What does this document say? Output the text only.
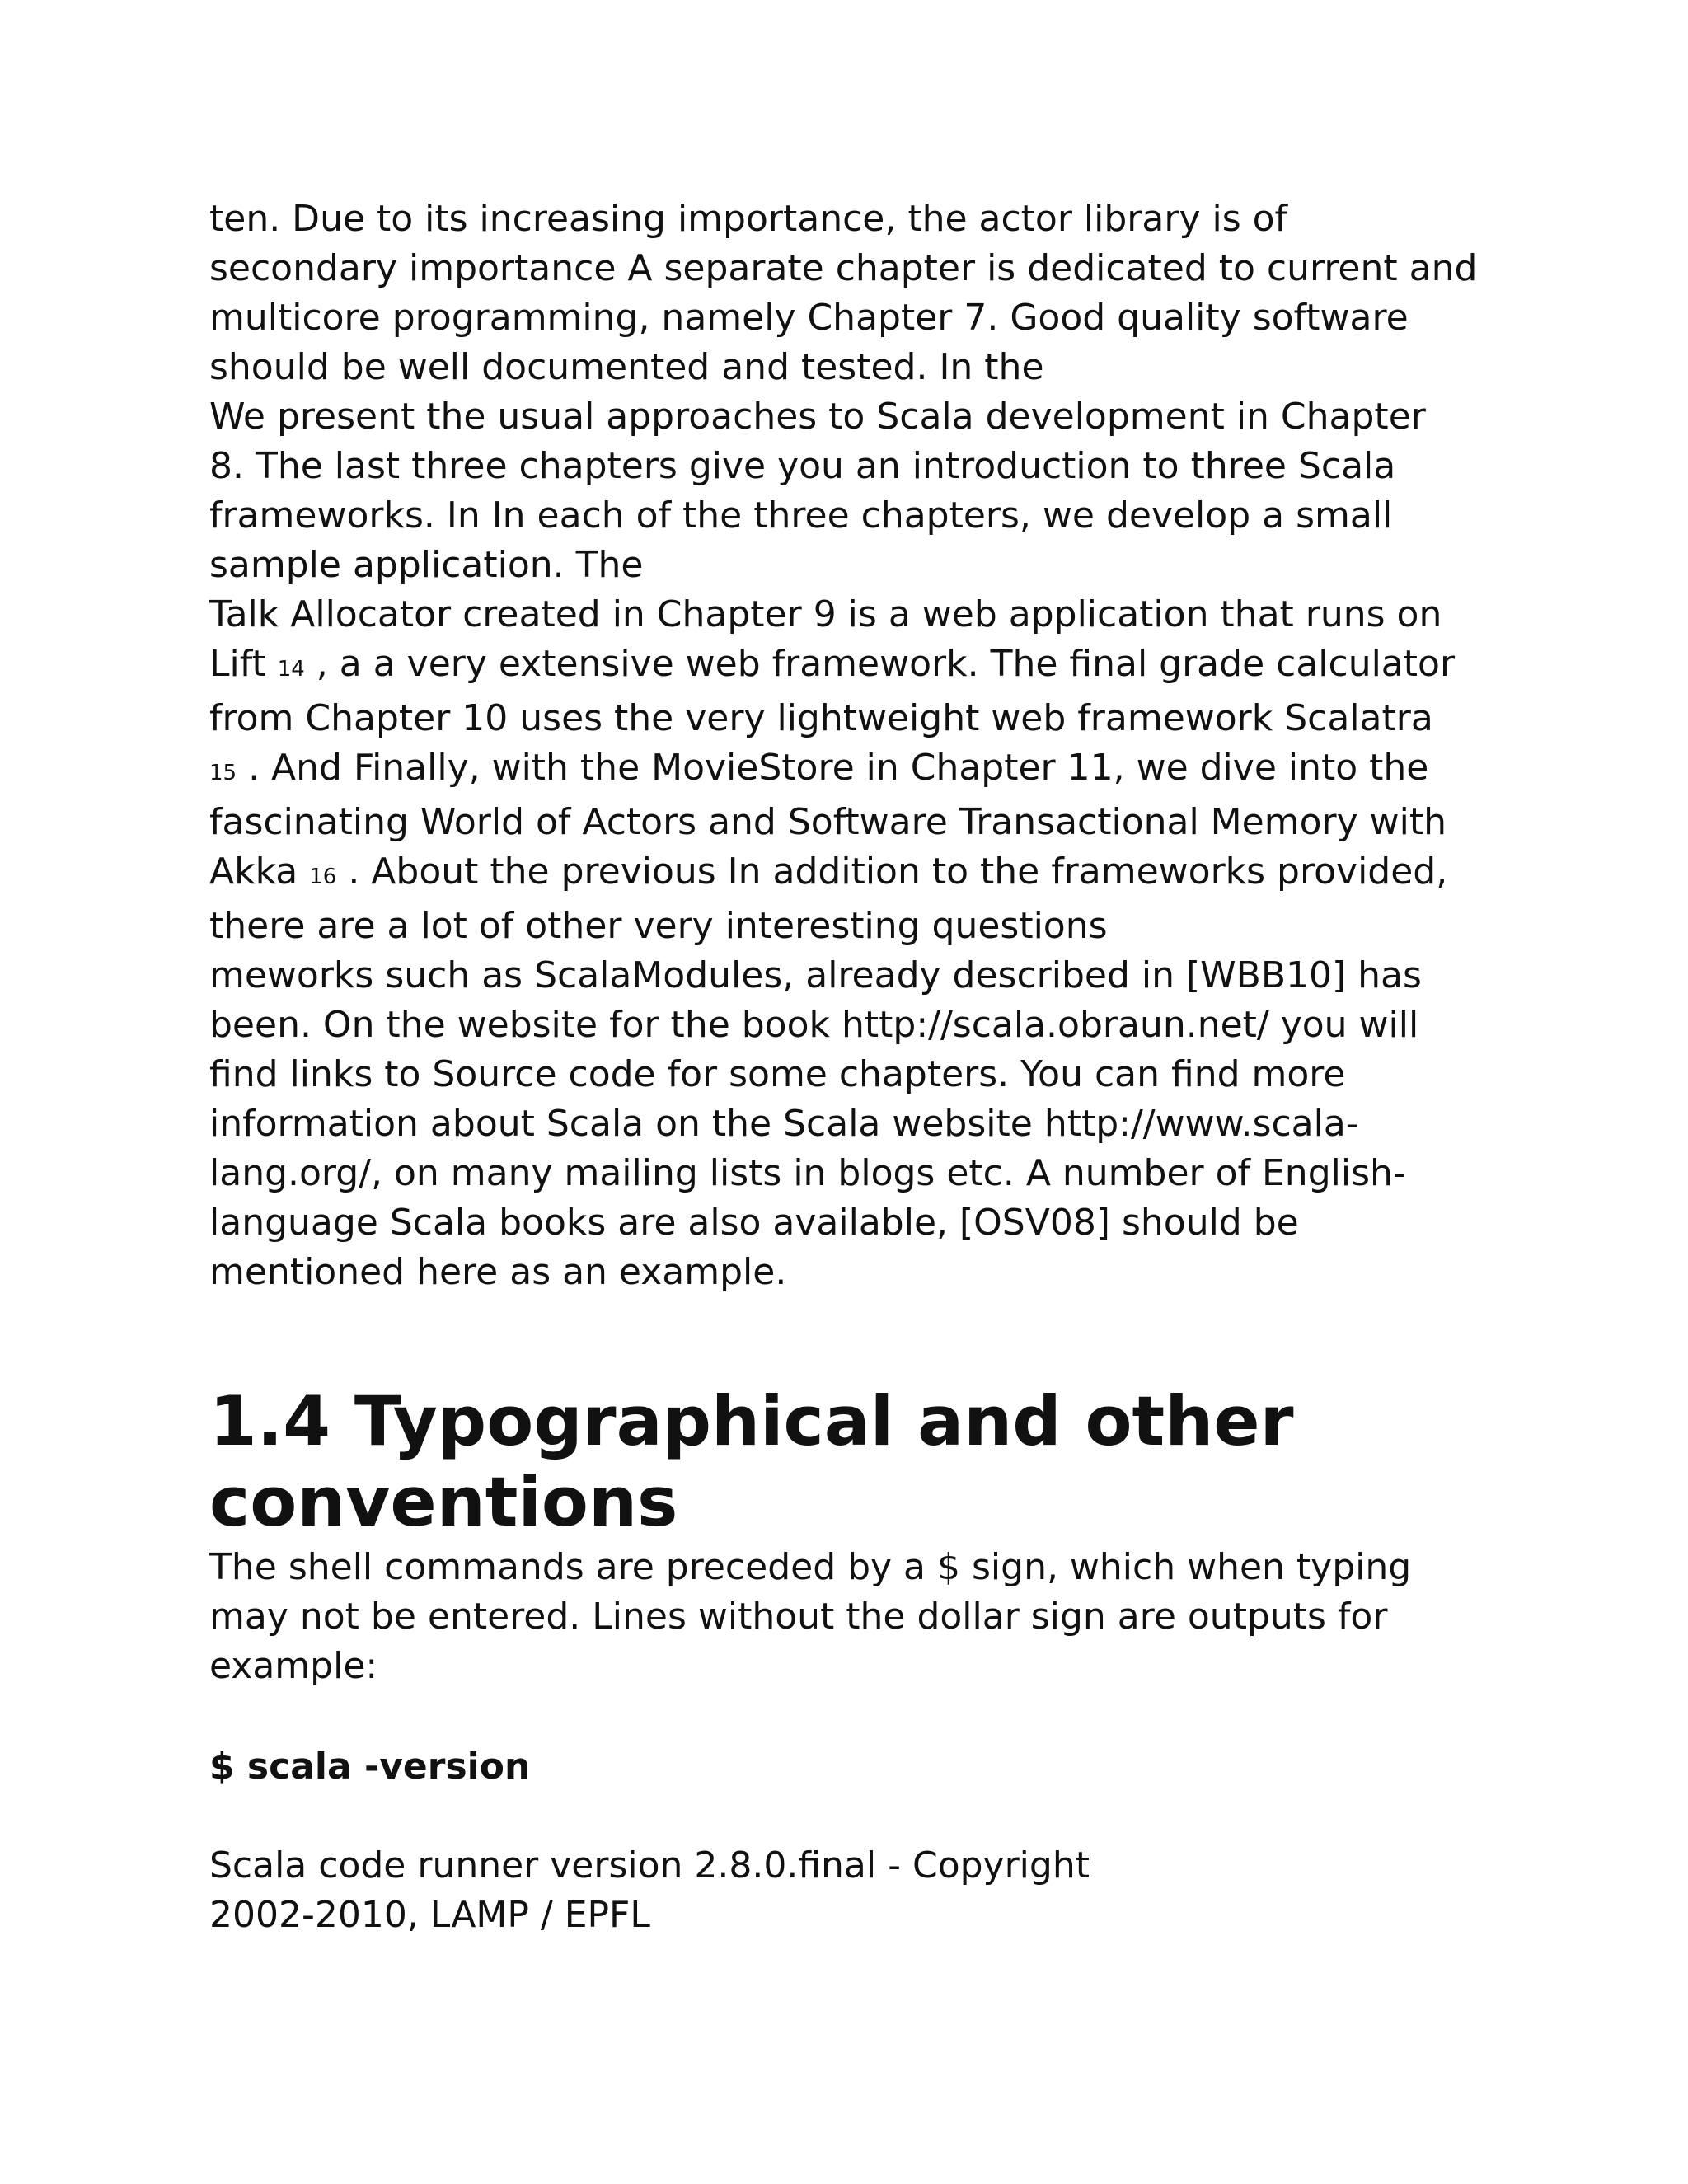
ten. Due to its increasing importance, the actor library is of
secondary importance A separate chapter is dedicated to current and
multicore programming, namely Chapter 7. Good quality software
should be well documented and tested. In the
We present the usual approaches to Scala development in Chapter
8. The last three chapters give you an introduction to three Scala
frameworks. In In each of the three chapters, we develop a small
sample application. The
Talk Allocator created in Chapter 9 is a web application that runs on
Lift 14 , a a very extensive web framework. The final grade calculator
from Chapter 10 uses the very lightweight web framework Scalatra
15 . And Finally, with the MovieStore in Chapter 11, we dive into the
fascinating World of Actors and Software Transactional Memory with
Akka 16 . About the previous In addition to the frameworks provided,
there are a lot of other very interesting questions
meworks such as ScalaModules, already described in [WBB10] has
been. On the website for the book http://scala.obraun.net/ you will
find links to Source code for some chapters. You can find more
information about Scala on the Scala website http://www.scala-
lang.org/, on many mailing lists in blogs etc. A number of English-
language Scala books are also available, [OSV08] should be
mentioned here as an example.
1.4 Typographical and other
conventions
The shell commands are preceded by a $ sign, which when typing
may not be entered. Lines without the dollar sign are outputs for
example:
$ scala -version
Scala code runner version 2.8.0.final - Copyright
2002-2010, LAMP / EPFL
